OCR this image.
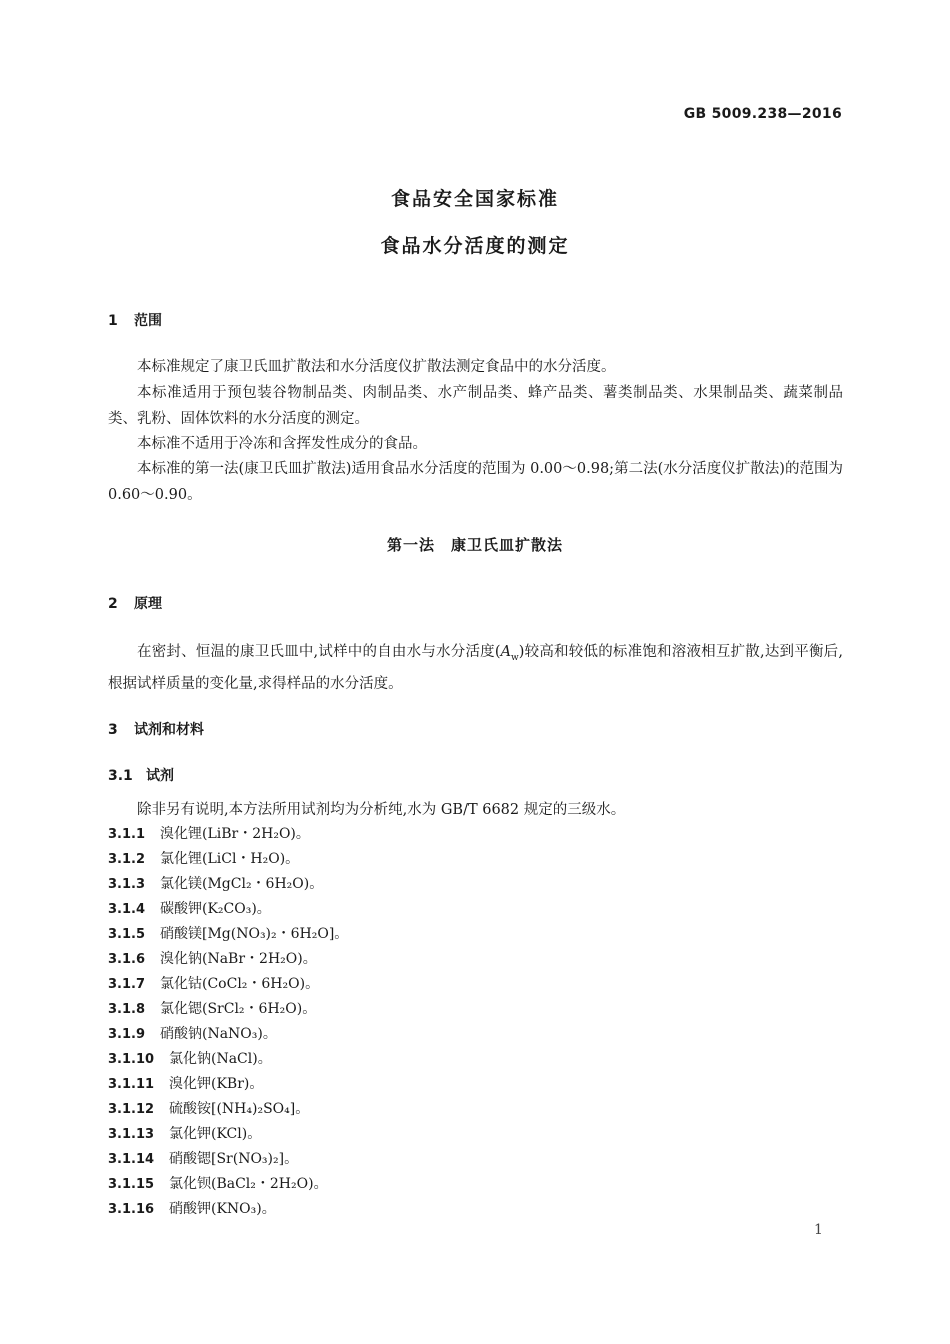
GB 5009.238—2016
食品安全国家标准
食品水分活度的测定
1 范围
本标准规定了康卫氏皿扩散法和水分活度仪扩散法测定食品中的水分活度。
本标准适用于预包装谷物制品类、肉制品类、水产制品类、蜂产品类、薯类制品类、水果制品类、蔬菜制品类、乳粉、固体饮料的水分活度的测定。
本标准不适用于冷冻和含挥发性成分的食品。
本标准的第一法(康卫氏皿扩散法)适用食品水分活度的范围为 0.00～0.98;第二法(水分活度仪扩散法)的范围为 0.60～0.90。
第一法　康卫氏皿扩散法
2 原理
在密封、恒温的康卫氏皿中,试样中的自由水与水分活度$(A_w)$较高和较低的标准饱和溶液相互扩散,达到平衡后,根据试样质量的变化量,求得样品的水分活度。
3 试剂和材料
3.1 试剂
除非另有说明,本方法所用试剂均为分析纯,水为 GB/T 6682 规定的三级水。
3.1.1 溴化锂(LiBr・2H₂O)。
3.1.2 氯化锂(LiCl・H₂O)。
3.1.3 氯化镁(MgCl₂・6H₂O)。
3.1.4 碳酸钾(K₂CO₃)。
3.1.5 硝酸镁[Mg(NO₃)₂・6H₂O]。
3.1.6 溴化钠(NaBr・2H₂O)。
3.1.7 氯化钴(CoCl₂・6H₂O)。
3.1.8 氯化锶(SrCl₂・6H₂O)。
3.1.9 硝酸钠(NaNO₃)。
3.1.10 氯化钠(NaCl)。
3.1.11 溴化钾(KBr)。
3.1.12 硫酸铵[(NH₄)₂SO₄]。
3.1.13 氯化钾(KCl)。
3.1.14 硝酸锶[Sr(NO₃)₂]。
3.1.15 氯化钡(BaCl₂・2H₂O)。
3.1.16 硝酸钾(KNO₃)。
1
